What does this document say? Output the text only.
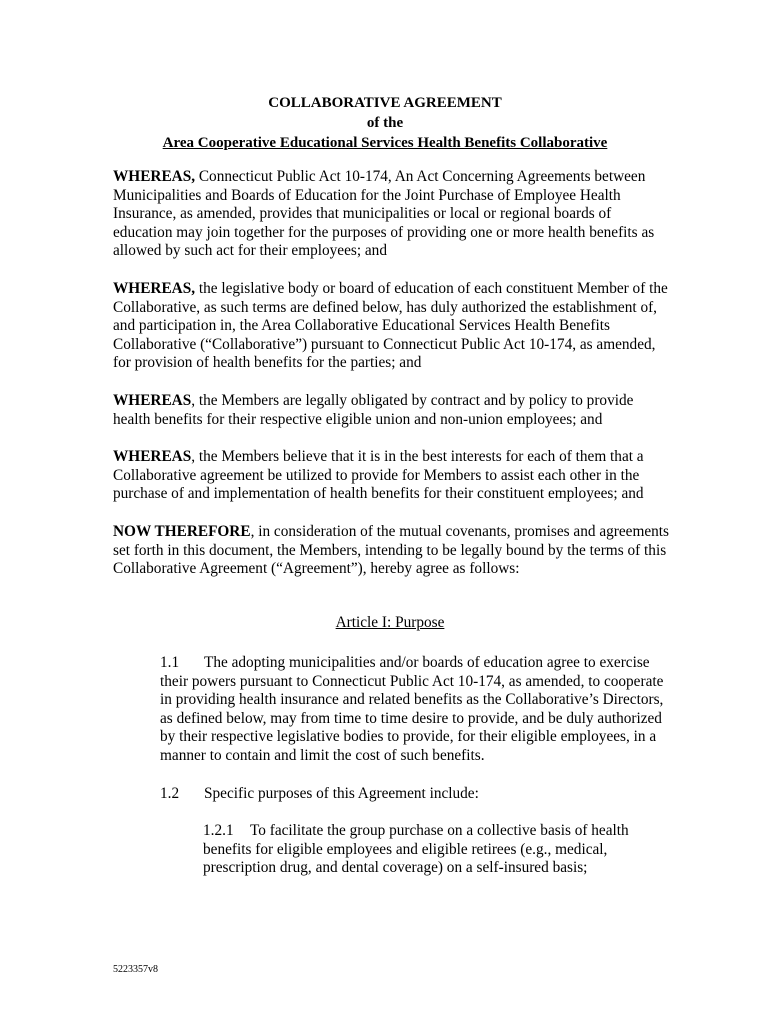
COLLABORATIVE AGREEMENT
of the
Area Cooperative Educational Services Health Benefits Collaborative

WHEREAS, Connecticut Public Act 10-174, An Act Concerning Agreements between Municipalities and Boards of Education for the Joint Purchase of Employee Health Insurance, as amended, provides that municipalities or local or regional boards of education may join together for the purposes of providing one or more health benefits as allowed by such act for their employees; and

WHEREAS, the legislative body or board of education of each constituent Member of the Collaborative, as such terms are defined below, has duly authorized the establishment of, and participation in, the Area Collaborative Educational Services Health Benefits Collaborative (“Collaborative”) pursuant to Connecticut Public Act 10-174, as amended, for provision of health benefits for the parties; and

WHEREAS, the Members are legally obligated by contract and by policy to provide health benefits for their respective eligible union and non-union employees; and

WHEREAS, the Members believe that it is in the best interests for each of them that a Collaborative agreement be utilized to provide for Members to assist each other in the purchase of and implementation of health benefits for their constituent employees; and

NOW THEREFORE, in consideration of the mutual covenants, promises and agreements set forth in this document, the Members, intending to be legally bound by the terms of this Collaborative Agreement (“Agreement”), hereby agree as follows:

Article I: Purpose

1.1 The adopting municipalities and/or boards of education agree to exercise their powers pursuant to Connecticut Public Act 10-174, as amended, to cooperate in providing health insurance and related benefits as the Collaborative’s Directors, as defined below, may from time to time desire to provide, and be duly authorized by their respective legislative bodies to provide, for their eligible employees, in a manner to contain and limit the cost of such benefits.

1.2 Specific purposes of this Agreement include:

1.2.1 To facilitate the group purchase on a collective basis of health benefits for eligible employees and eligible retirees (e.g., medical, prescription drug, and dental coverage) on a self-insured basis;

5223357v8
